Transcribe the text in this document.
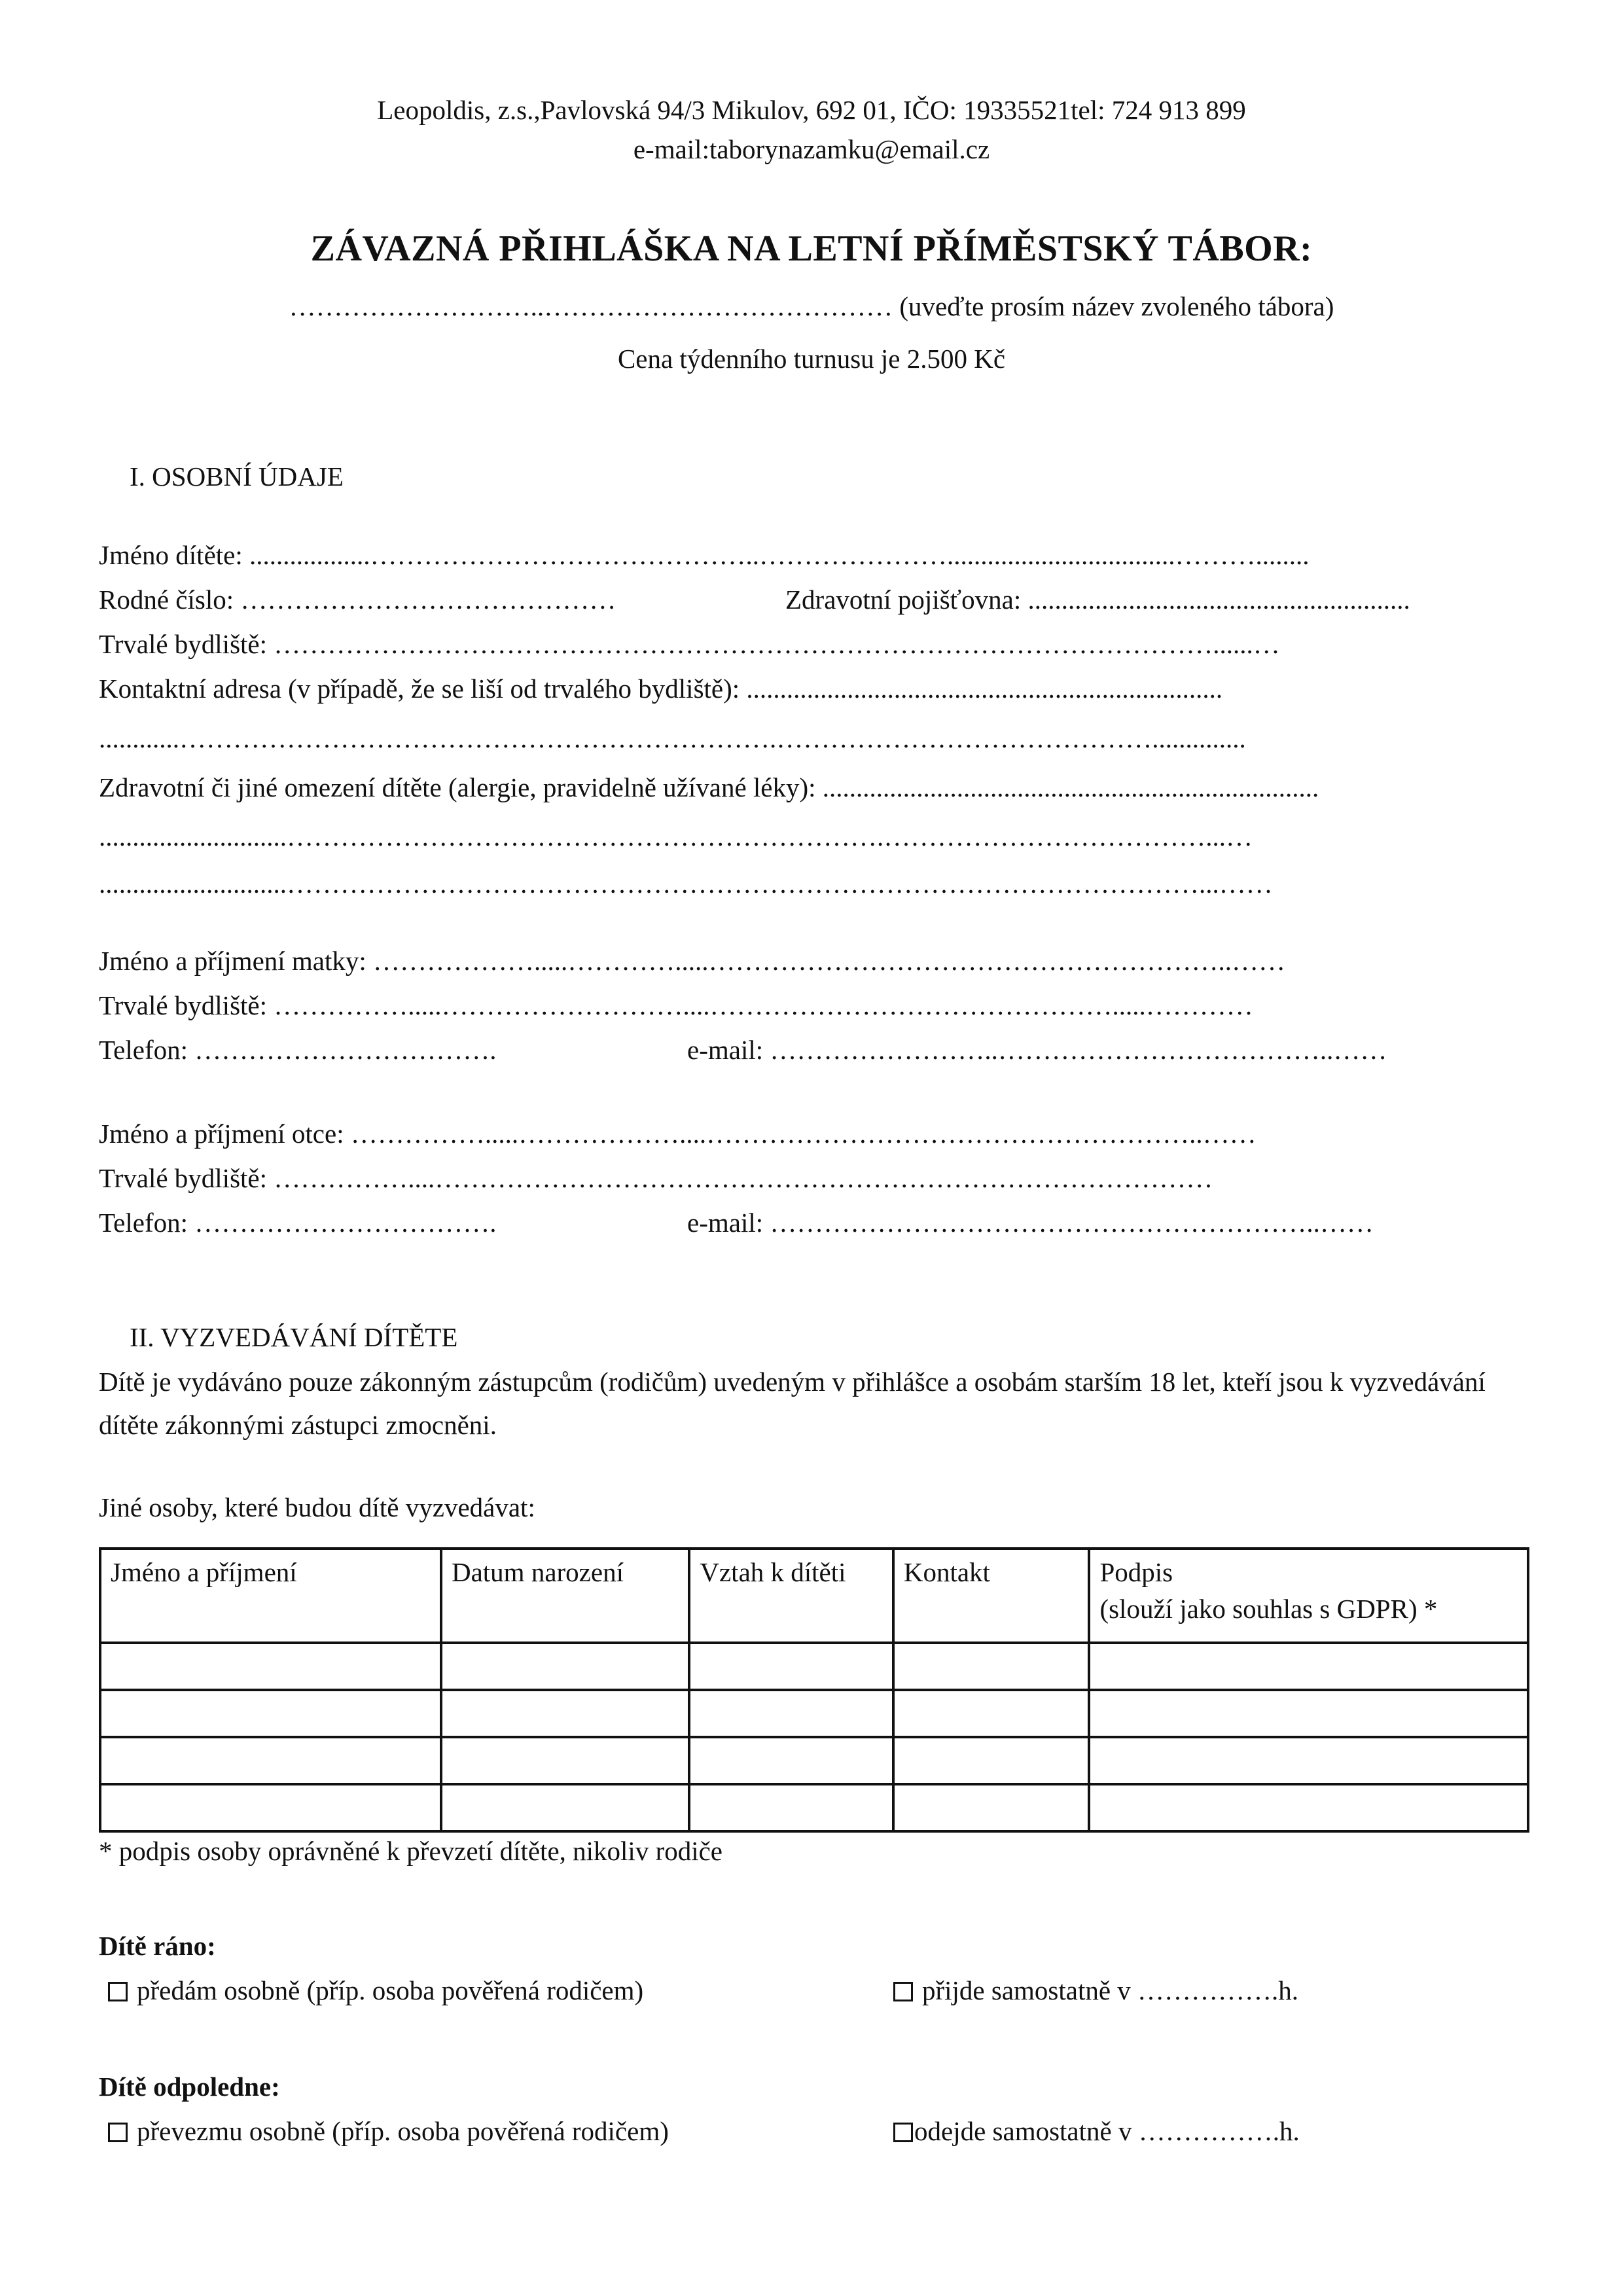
Leopoldis, z.s.,Pavlovská 94/3 Mikulov, 692 01, IČO: 19335521tel: 724 913 899
e-mail:taborynazamku@email.cz
ZÁVAZNÁ PŘIHLÁŠKA NA LETNÍ PŘÍMĚSTSKÝ TÁBOR:
………………………..………………………………… (uveďte prosím název zvoleného tábora)
Cena týdenního turnusu je 2.500 Kč
I. OSOBNÍ ÚDAJE
Jméno dítěte: ..................……………………………………..…………………..................................………........
Rodné číslo: ……………………………………	Zdravotní pojišťovna: .........................................................
Trvalé bydliště: ……………………………………………………………………………………………......…
Kontaktní adresa (v případě, že se liší od trvalého bydliště): .......................................................................
............………………………………………………………….……………………………………..............
Zdravotní či jiné omezení dítěte (alergie, pravidelně užívané léky): ..........................................................................
............................………………………………………………………….………………………………...…
............................…………………………………………………………………………………………...……
Jméno a příjmení matky: ……………….....………….....…………………………………………………..……
Trvalé bydliště: …………….....………………………....……………………………………….....…………
Telefon: …………………………….	e-mail: ……………………..………………………………..……
Jméno a příjmení otce: …………….....………………....………………………………………………..……
Trvalé bydliště: ……………....……………………………………………………………………………
Telefon: …………………………….	e-mail: ……………………………………………………..……
II. VYZVEDÁVÁNÍ DÍTĚTE
Dítě je vydáváno pouze zákonným zástupcům (rodičům) uvedeným v přihlášce a osobám starším 18 let, kteří jsou k vyzvedávání dítěte zákonnými zástupci zmocněni.
Jiné osoby, které budou dítě vyzvedávat:
Jméno a příjmení	Datum narození	Vztah k dítěti	Kontakt	Podpis
(slouží jako souhlas s GDPR) *

* podpis osoby oprávněné k převzetí dítěte, nikoliv rodiče
Dítě ráno:
předám osobně (příp. osoba pověřená rodičem)	přijde samostatně v …………….h.
Dítě odpoledne:
převezmu osobně (příp. osoba pověřená rodičem)	odejde samostatně v …………….h.
